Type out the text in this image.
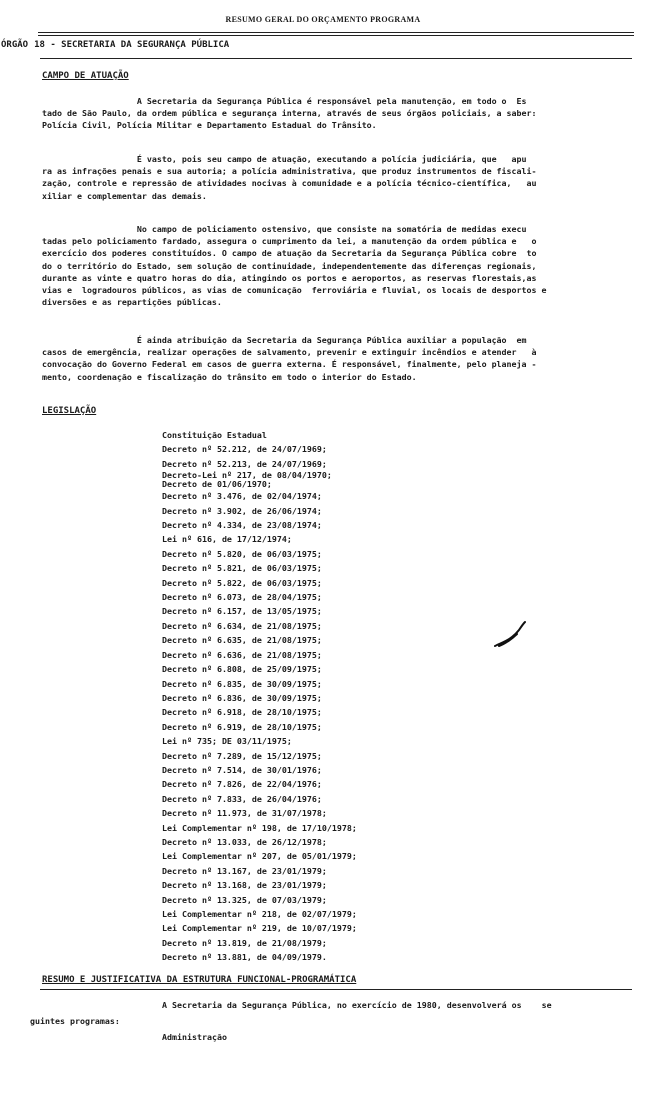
RESUMO GERAL DO ORÇAMENTO PROGRAMA
ÓRGÃO 18 - SECRETARIA DA SEGURANÇA PÚBLICA
CAMPO DE ATUAÇÃO
A Secretaria da Segurança Pública é responsável pela manutenção, em todo o  Es
tado de São Paulo, da ordem pública e segurança interna, através de seus órgãos policiais, a saber:
Polícia Civil, Polícia Militar e Departamento Estadual do Trânsito.
É vasto, pois seu campo de atuação, executando a polícia judiciária, que   apu
ra as infrações penais e sua autoria; a polícia administrativa, que produz instrumentos de fiscali-
zação, controle e repressão de atividades nocivas à comunidade e a polícia técnico-científica,   au
xiliar e complementar das demais.
No campo de policiamento ostensivo, que consiste na somatória de medidas execu
tadas pelo policiamento fardado, assegura o cumprimento da lei, a manutenção da ordem pública e   o
exercício dos poderes constituídos. O campo de atuação da Secretaria da Segurança Pública cobre  to
do o território do Estado, sem solução de continuidade, independentemente das diferenças regionais,
durante as vinte e quatro horas do dia, atingindo os portos e aeroportos, as reservas florestais,as
vias e  logradouros públicos, as vias de comunicação  ferroviária e fluvial, os locais de desportos e
diversões e as repartições públicas.
É ainda atribuição da Secretaria da Segurança Pública auxiliar a população  em
casos de emergência, realizar operações de salvamento, prevenir e extinguir incêndios e atender   à
convocação do Governo Federal em casos de guerra externa. É responsável, finalmente, pelo planeja -
mento, coordenação e fiscalização do trânsito em todo o interior do Estado.
LEGISLAÇÃO
Constituição Estadual
Decreto nº 52.212, de 24/07/1969;
Decreto nº 52.213, de 24/07/1969;
Decreto-Lei nº 217, de 08/04/1970;
Decreto de 01/06/1970;
Decreto nº 3.476, de 02/04/1974;
Decreto nº 3.902, de 26/06/1974;
Decreto nº 4.334, de 23/08/1974;
Lei nº 616, de 17/12/1974;
Decreto nº 5.820, de 06/03/1975;
Decreto nº 5.821, de 06/03/1975;
Decreto nº 5.822, de 06/03/1975;
Decreto nº 6.073, de 28/04/1975;
Decreto nº 6.157, de 13/05/1975;
Decreto nº 6.634, de 21/08/1975;
Decreto nº 6.635, de 21/08/1975;
Decreto nº 6.636, de 21/08/1975;
Decreto nº 6.808, de 25/09/1975;
Decreto nº 6.835, de 30/09/1975;
Decreto nº 6.836, de 30/09/1975;
Decreto nº 6.918, de 28/10/1975;
Decreto nº 6.919, de 28/10/1975;
Lei nº 735; DE 03/11/1975;
Decreto nº 7.289, de 15/12/1975;
Decreto nº 7.514, de 30/01/1976;
Decreto nº 7.826, de 22/04/1976;
Decreto nº 7.833, de 26/04/1976;
Decreto nº 11.973, de 31/07/1978;
Lei Complementar nº 198, de 17/10/1978;
Decreto nº 13.033, de 26/12/1978;
Lei Complementar nº 207, de 05/01/1979;
Decreto nº 13.167, de 23/01/1979;
Decreto nº 13.168, de 23/01/1979;
Decreto nº 13.325, de 07/03/1979;
Lei Complementar nº 218, de 02/07/1979;
Lei Complementar nº 219, de 10/07/1979;
Decreto nº 13.819, de 21/08/1979;
Decreto nº 13.881, de 04/09/1979.
RESUMO E JUSTIFICATIVA DA ESTRUTURA FUNCIONAL-PROGRAMÁTICA
A Secretaria da Segurança Pública, no exercício de 1980, desenvolverá os    se
guintes programas:
Administração
